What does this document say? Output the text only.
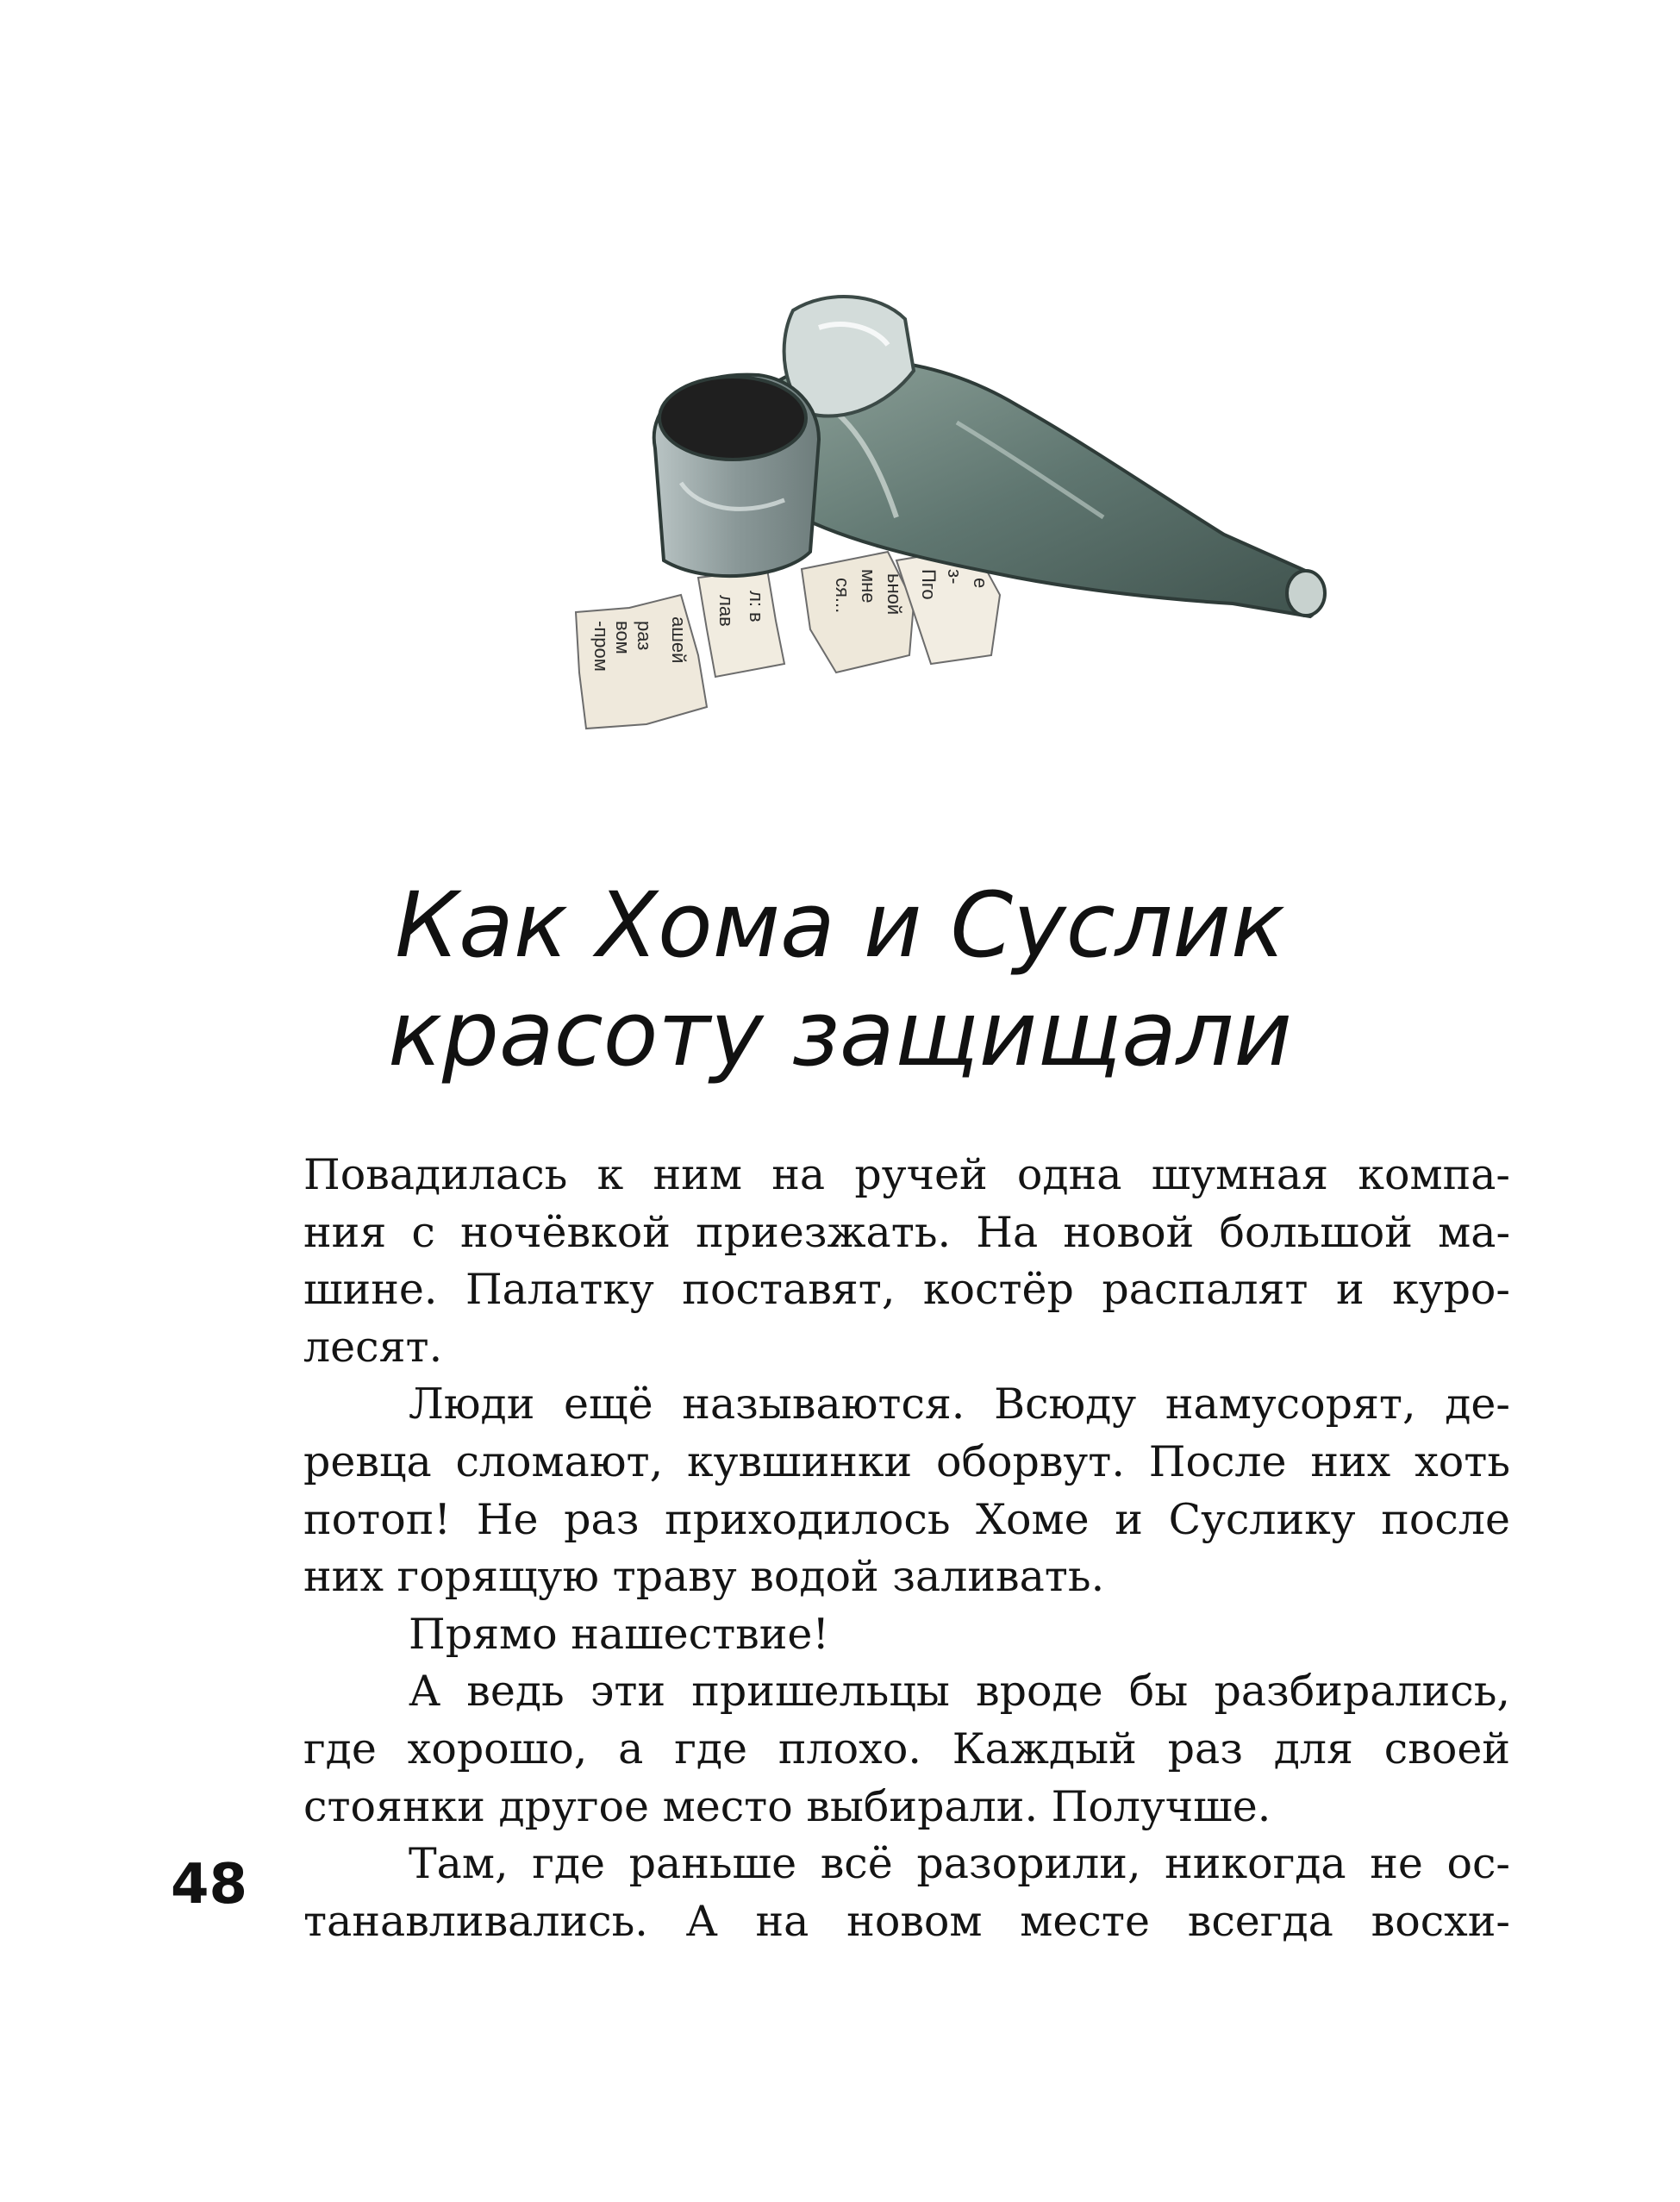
раз
вом
-пром	ашей
лав л: в
мне
ся... ьной Пго з- е
Как Хома и Суслик
красоту защищали
Повадилась к ним на ручей одна шумная компа-
ния с ночёвкой приезжать. На новой большой ма-
шине. Палатку поставят, костёр распалят и куро-
лесят.
Люди ещё называются. Всюду намусорят, де-
ревца сломают, кувшинки оборвут. После них хоть
потоп! Не раз приходилось Хоме и Суслику после
них горящую траву водой заливать.
Прямо нашествие!
А ведь эти пришельцы вроде бы разбирались,
где хорошо, а где плохо. Каждый раз для своей
стоянки другое место выбирали. Получше.
Там, где раньше всё разорили, никогда не ос-
танавливались. А на новом месте всегда восхи-
48
